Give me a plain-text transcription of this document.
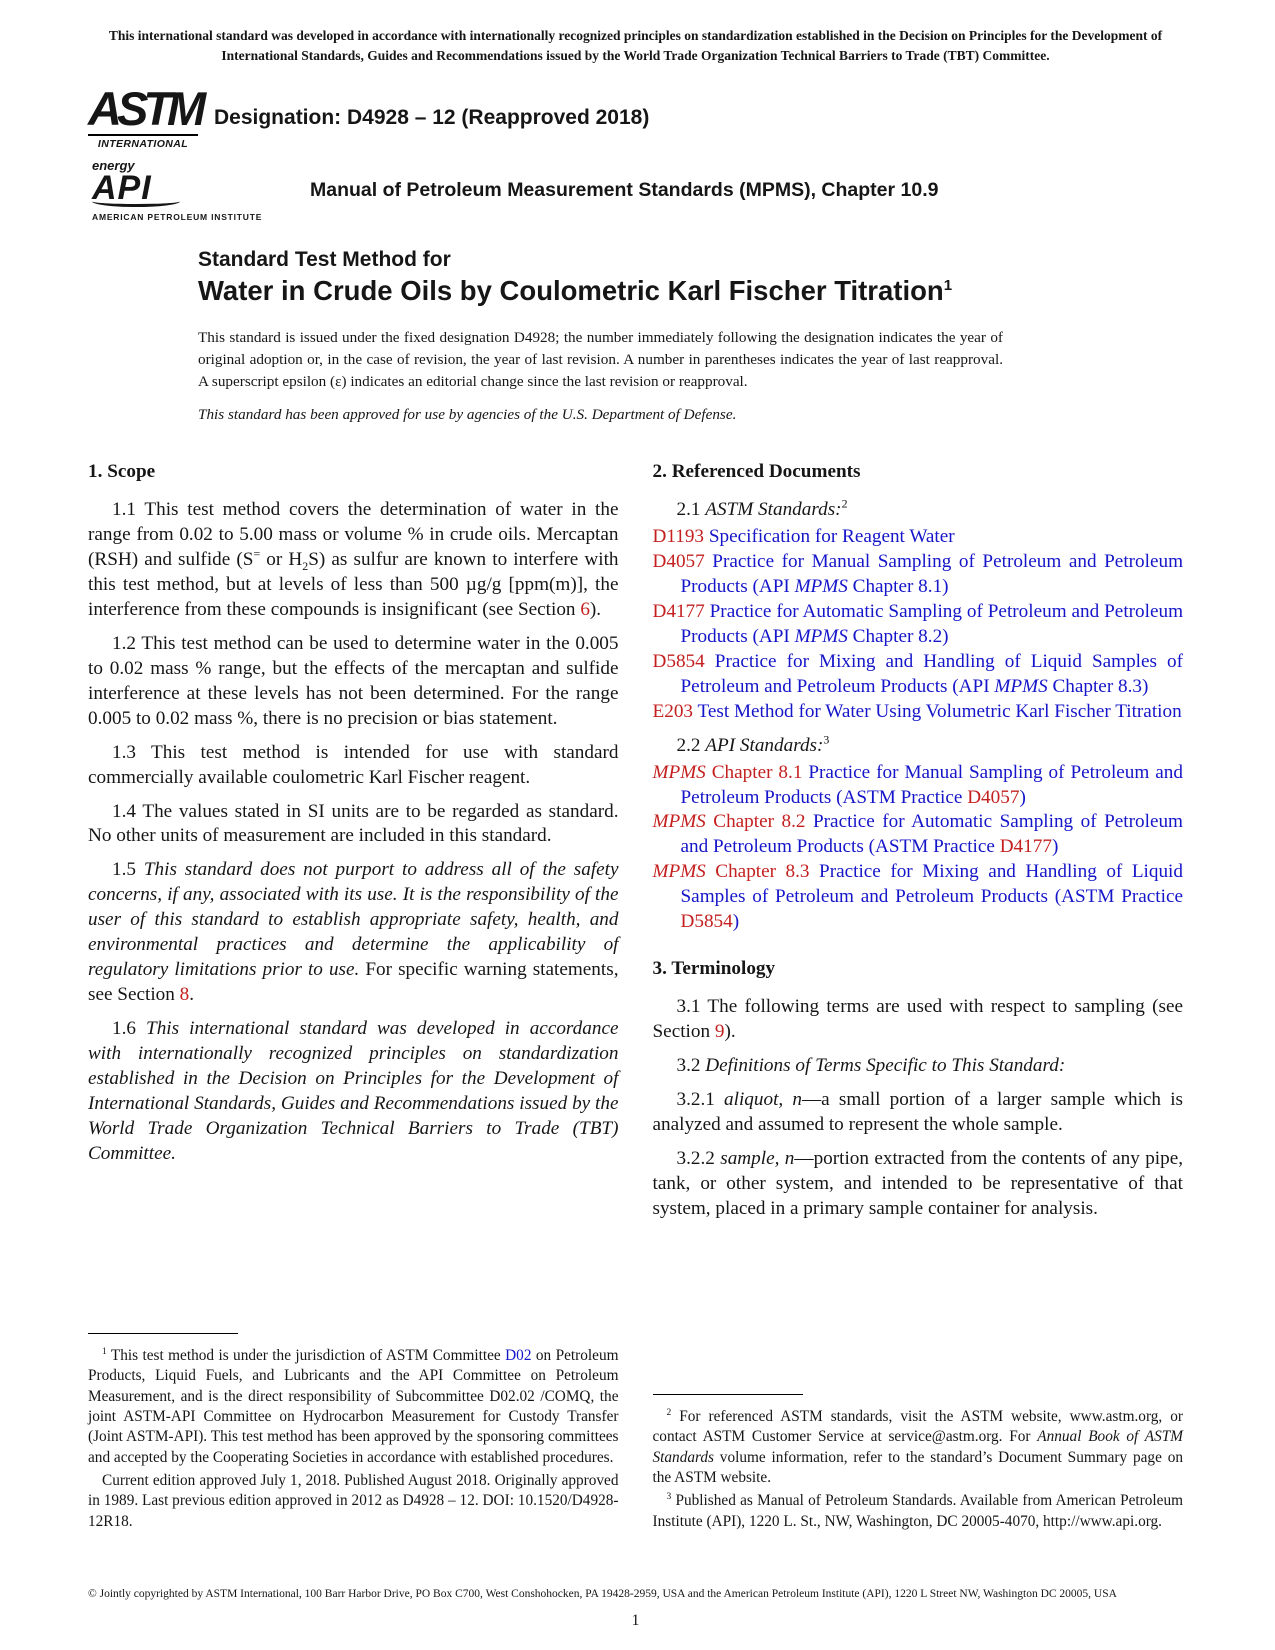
This international standard was developed in accordance with internationally recognized principles on standardization established in the Decision on Principles for the Development of International Standards, Guides and Recommendations issued by the World Trade Organization Technical Barriers to Trade (TBT) Committee.
ASTM
INTERNATIONAL
Designation: D4928 – 12 (Reapproved 2018)
energy
API
AMERICAN PETROLEUM INSTITUTE
Manual of Petroleum Measurement Standards (MPMS), Chapter 10.9
Standard Test Method for
Water in Crude Oils by Coulometric Karl Fischer Titration$^1$
This standard is issued under the fixed designation D4928; the number immediately following the designation indicates the year of original adoption or, in the case of revision, the year of last revision. A number in parentheses indicates the year of last reapproval. A superscript epsilon (ε) indicates an editorial change since the last revision or reapproval.
This standard has been approved for use by agencies of the U.S. Department of Defense.
1. Scope

1.1 This test method covers the determination of water in the range from 0.02 to 5.00 mass or volume % in crude oils. Mercaptan (RSH) and sulfide (S= or $H_2S$) as sulfur are known to interfere with this test method, but at levels of less than 500 µg/g [ppm(m)], the interference from these compounds is insignificant (see Section 6).

1.2 This test method can be used to determine water in the 0.005 to 0.02 mass % range, but the effects of the mercaptan and sulfide interference at these levels has not been determined. For the range 0.005 to 0.02 mass %, there is no precision or bias statement.

1.3 This test method is intended for use with standard commercially available coulometric Karl Fischer reagent.

1.4 The values stated in SI units are to be regarded as standard. No other units of measurement are included in this standard.

1.5 This standard does not purport to address all of the safety concerns, if any, associated with its use. It is the responsibility of the user of this standard to establish appropriate safety, health, and environmental practices and determine the applicability of regulatory limitations prior to use. For specific warning statements, see Section 8.

1.6 This international standard was developed in accordance with internationally recognized principles on standardization established in the Decision on Principles for the Development of International Standards, Guides and Recommendations issued by the World Trade Organization Technical Barriers to Trade (TBT) Committee.

$^1$ This test method is under the jurisdiction of ASTM Committee D02 on Petroleum Products, Liquid Fuels, and Lubricants and the API Committee on Petroleum Measurement, and is the direct responsibility of Subcommittee D02.02 /COMQ, the joint ASTM-API Committee on Hydrocarbon Measurement for Custody Transfer (Joint ASTM-API). This test method has been approved by the sponsoring committees and accepted by the Cooperating Societies in accordance with established procedures.

Current edition approved July 1, 2018. Published August 2018. Originally approved in 1989. Last previous edition approved in 2012 as D4928 – 12. DOI: 10.1520/D4928-12R18.

2. Referenced Documents

2.1 ASTM Standards:$^2$

D1193 Specification for Reagent Water

D4057 Practice for Manual Sampling of Petroleum and Petroleum Products (API MPMS Chapter 8.1)

D4177 Practice for Automatic Sampling of Petroleum and Petroleum Products (API MPMS Chapter 8.2)

D5854 Practice for Mixing and Handling of Liquid Samples of Petroleum and Petroleum Products (API MPMS Chapter 8.3)

E203 Test Method for Water Using Volumetric Karl Fischer Titration

2.2 API Standards:$^3$

MPMS Chapter 8.1 Practice for Manual Sampling of Petroleum and Petroleum Products (ASTM Practice D4057)

MPMS Chapter 8.2 Practice for Automatic Sampling of Petroleum and Petroleum Products (ASTM Practice D4177)

MPMS Chapter 8.3 Practice for Mixing and Handling of Liquid Samples of Petroleum and Petroleum Products (ASTM Practice D5854)

3. Terminology

3.1 The following terms are used with respect to sampling (see Section 9).

3.2 Definitions of Terms Specific to This Standard:

3.2.1 aliquot, n—a small portion of a larger sample which is analyzed and assumed to represent the whole sample.

3.2.2 sample, n—portion extracted from the contents of any pipe, tank, or other system, and intended to be representative of that system, placed in a primary sample container for analysis.

$^2$ For referenced ASTM standards, visit the ASTM website, www.astm.org, or contact ASTM Customer Service at service@astm.org. For Annual Book of ASTM Standards volume information, refer to the standard’s Document Summary page on the ASTM website.

$^3$ Published as Manual of Petroleum Standards. Available from American Petroleum Institute (API), 1220 L. St., NW, Washington, DC 20005-4070, http://www.api.org.

© Jointly copyrighted by ASTM International, 100 Barr Harbor Drive, PO Box C700, West Conshohocken, PA 19428-2959, USA and the American Petroleum Institute (API), 1220 L Street NW, Washington DC 20005, USA
1
